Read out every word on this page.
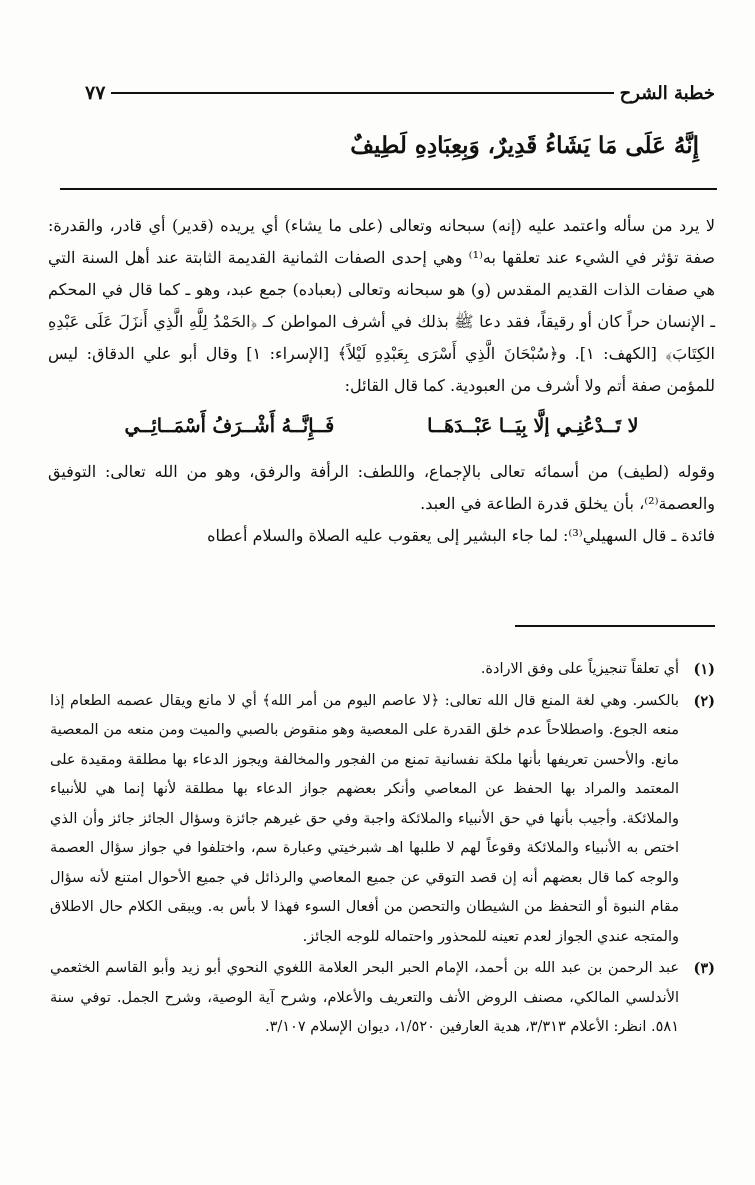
خطبة الشرح
٧٧
إِنَّهُ عَلَى مَا يَشَاءُ قَدِيرٌ، وَبِعِبَادِهِ لَطِيفٌ

لا يرد من سأله واعتمد عليه (إنه) سبحانه وتعالى (على ما يشاء) أي يريده (قدير) أي قادر، والقدرة: صفة تؤثر في الشيء عند تعلقها به⁽¹⁾ وهي إحدى الصفات الثمانية القديمة الثابتة عند أهل السنة التي هي صفات الذات القديم المقدس (و) هو سبحانه وتعالى (بعباده) جمع عبد، وهو ـ كما قال في المحكم ـ الإنسان حراً كان أو رقيقاً، فقد دعا ﷺ بذلك في أشرف المواطن كـ ﴿الحَمْدُ لِلَّهِ الَّذِي أَنزَلَ عَلَى عَبْدِهِ الكِتَابَ﴾ [الكهف: ١]. و﴿سُبْحَانَ الَّذِي أَسْرَى بِعَبْدِهِ لَيْلاً﴾ [الإسراء: ١] وقال أبو علي الدقاق: ليس للمؤمن صفة أتم ولا أشرف من العبودية. كما قال القائل:

لا تَــدْعُنِـي إلَّا بِيَــا عَبْــدَهَــا
فَــإِنَّــهُ أَشْــرَفُ أَسْمَــائِــي

وقوله (لطيف) من أسمائه تعالى بالإجماع، واللطف: الرأفة والرفق، وهو من الله تعالى: التوفيق والعصمة⁽²⁾، بأن يخلق قدرة الطاعة في العبد.

فائدة ـ قال السهيلي⁽³⁾: لما جاء البشير إلى يعقوب عليه الصلاة والسلام أعطاه

(١)
أي تعلقاً تنجيزياً على وفق الارادة.
(٢)
بالكسر. وهي لغة المنع قال الله تعالى: ﴿لا عاصم اليوم من أمر الله﴾ أي لا مانع ويقال عصمه الطعام إذا منعه الجوع. واصطلاحاً عدم خلق القدرة على المعصية وهو منقوض بالصبي والميت ومن منعه من المعصية مانع. والأحسن تعريفها بأنها ملكة نفسانية تمنع من الفجور والمخالفة ويجوز الدعاء بها مطلقة ومقيدة على المعتمد والمراد بها الحفظ عن المعاصي وأنكر بعضهم جواز الدعاء بها مطلقة لأنها إنما هي للأنبياء والملائكة. وأجيب بأنها في حق الأنبياء والملائكة واجبة وفي حق غيرهم جائزة وسؤال الجائز جائز وأن الذي اختص به الأنبياء والملائكة وقوعاً لهم لا طلبها اهـ شبرخيتي وعبارة سم، واختلفوا في جواز سؤال العصمة والوجه كما قال بعضهم أنه إن قصد التوقي عن جميع المعاصي والرذائل في جميع الأحوال امتنع لأنه سؤال مقام النبوة أو التحفظ من الشيطان والتحصن من أفعال السوء فهذا لا بأس به. ويبقى الكلام حال الاطلاق والمتجه عندي الجواز لعدم تعينه للمحذور واحتماله للوجه الجائز.
(٣)
عبد الرحمن بن عبد الله بن أحمد، الإمام الحبر البحر العلامة اللغوي النحوي أبو زيد وأبو القاسم الخثعمي الأندلسي المالكي، مصنف الروض الأنف والتعريف والأعلام، وشرح آية الوصية، وشرح الجمل. توفي سنة ٥٨١. انظر: الأعلام ٣/٣١٣، هدية العارفين ١/٥٢٠، ديوان الإسلام ٣/١٠٧.
